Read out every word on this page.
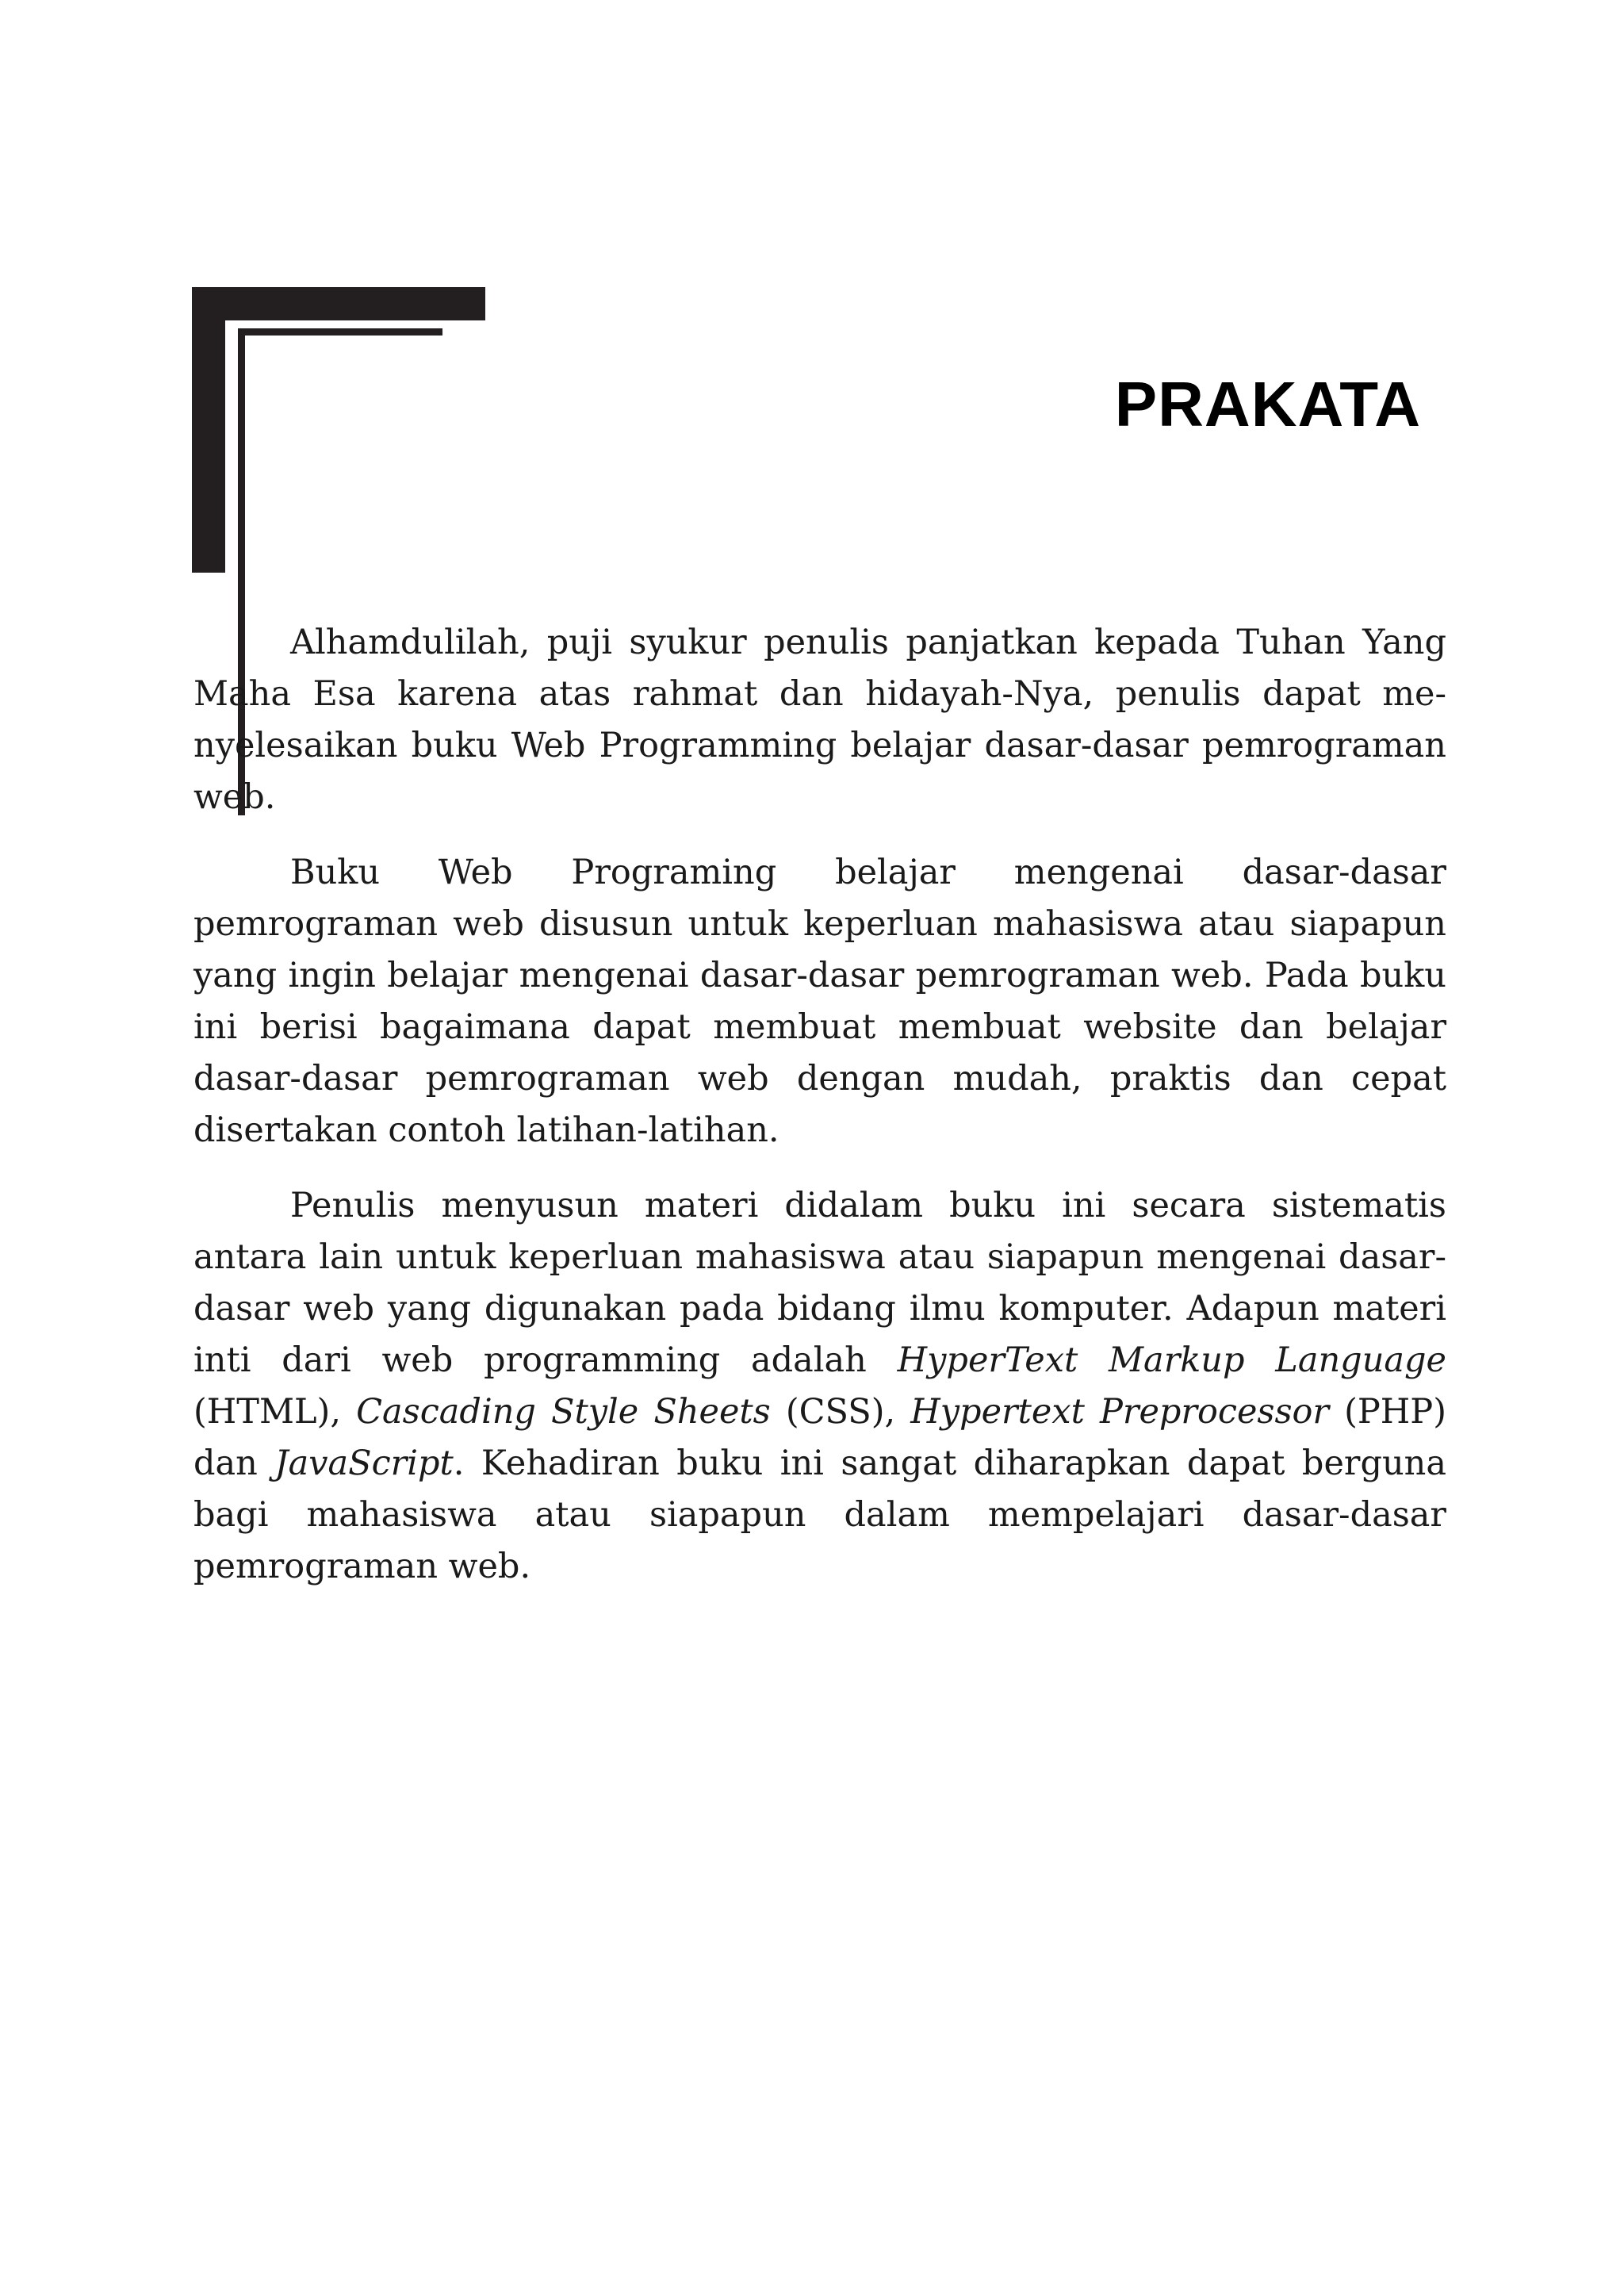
PRAKATA

Alhamdulilah, puji syukur penulis panjatkan kepada Tuhan Yang Maha Esa karena atas rahmat dan hidayah-Nya, penulis dapat menyelesaikan buku Web Programming belajar dasar-dasar pemrograman web.

Buku Web Programing belajar mengenai dasar-dasar pemrograman web disusun untuk keperluan mahasiswa atau siapapun yang ingin belajar mengenai dasar-dasar pemrograman web. Pada buku ini berisi bagaimana dapat membuat membuat website dan belajar dasar-dasar pemrograman web dengan mudah, praktis dan cepat disertakan contoh latihan-latihan.

Penulis menyusun materi didalam buku ini secara sistematis antara lain untuk keperluan mahasiswa atau siapapun mengenai dasar-dasar web yang digunakan pada bidang ilmu komputer. Adapun materi inti dari web programming adalah HyperText Markup Language (HTML), Cascading Style Sheets (CSS), Hypertext Preprocessor (PHP) dan JavaScript. Kehadiran buku ini sangat diharapkan dapat berguna bagi mahasiswa atau siapapun dalam mempelajari dasar-dasar pemrograman web.
